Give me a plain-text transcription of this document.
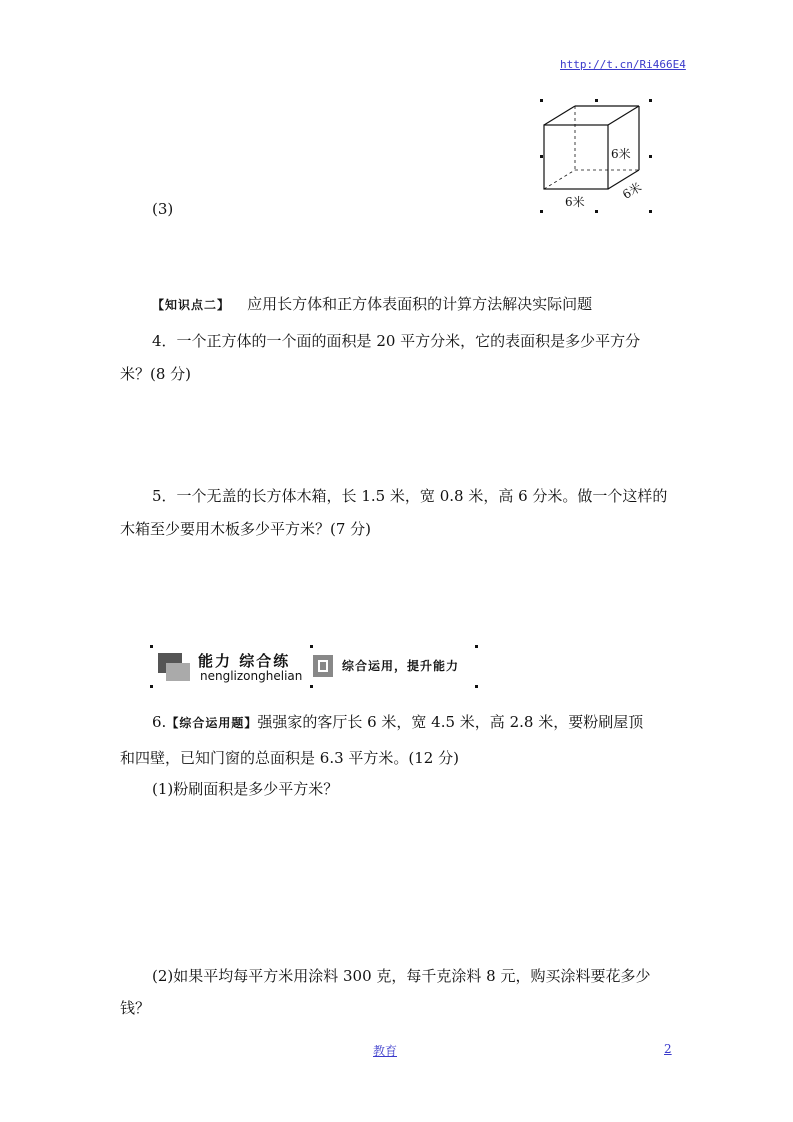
http://t.cn/Ri466E4
6米
6米
6米
(3)
【知识点二】 应用长方体和正方体表面积的计算方法解决实际问题
4．一个正方体的一个面的面积是 20 平方分米，它的表面积是多少平方分
米？(8 分)
5．一个无盖的长方体木箱，长 1.5 米，宽 0.8 米，高 6 分米。做一个这样的
木箱至少要用木板多少平方米？(7 分)
能力 综合练
nenglizonghelian
综合运用，提升能力
6.【综合运用题】强强家的客厅长 6 米，宽 4.5 米，高 2.8 米，要粉刷屋顶
和四壁，已知门窗的总面积是 6.3 平方米。(12 分)
(1)粉刷面积是多少平方米？
(2)如果平均每平方米用涂料 300 克，每千克涂料 8 元，购买涂料要花多少
钱？
教育	2
